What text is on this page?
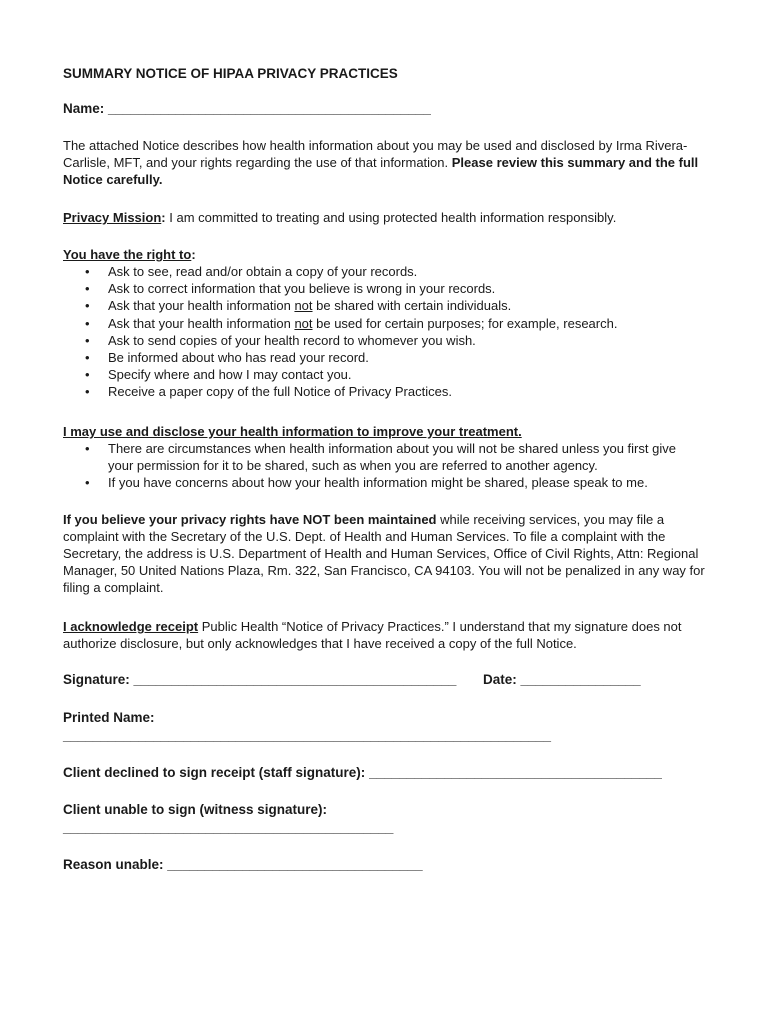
SUMMARY NOTICE OF HIPAA PRIVACY PRACTICES
Name: ___________________________________________
The attached Notice describes how health information about you may be used and disclosed by Irma Rivera-Carlisle, MFT, and your rights regarding the use of that information. Please review this summary and the full Notice carefully.
Privacy Mission: I am committed to treating and using protected health information responsibly.
You have the right to:
• Ask to see, read and/or obtain a copy of your records.
• Ask to correct information that you believe is wrong in your records.
• Ask that your health information not be shared with certain individuals.
• Ask that your health information not be used for certain purposes; for example, research.
• Ask to send copies of your health record to whomever you wish.
• Be informed about who has read your record.
• Specify where and how I may contact you.
• Receive a paper copy of the full Notice of Privacy Practices.
I may use and disclose your health information to improve your treatment.
• There are circumstances when health information about you will not be shared unless you first give your permission for it to be shared, such as when you are referred to another agency.
• If you have concerns about how your health information might be shared, please speak to me.
If you believe your privacy rights have NOT been maintained while receiving services, you may file a complaint with the Secretary of the U.S. Dept. of Health and Human Services. To file a complaint with the Secretary, the address is U.S. Department of Health and Human Services, Office of Civil Rights, Attn: Regional Manager, 50 United Nations Plaza, Rm. 322, San Francisco, CA 94103. You will not be penalized in any way for filing a complaint.
I acknowledge receipt Public Health “Notice of Privacy Practices.” I understand that my signature does not authorize disclosure, but only acknowledges that I have received a copy of the full Notice.
Signature: ___________________________________________ Date: ________________
Printed Name:
_________________________________________________________________
Client declined to sign receipt (staff signature): _______________________________________
Client unable to sign (witness signature):
____________________________________________
Reason unable: __________________________________
